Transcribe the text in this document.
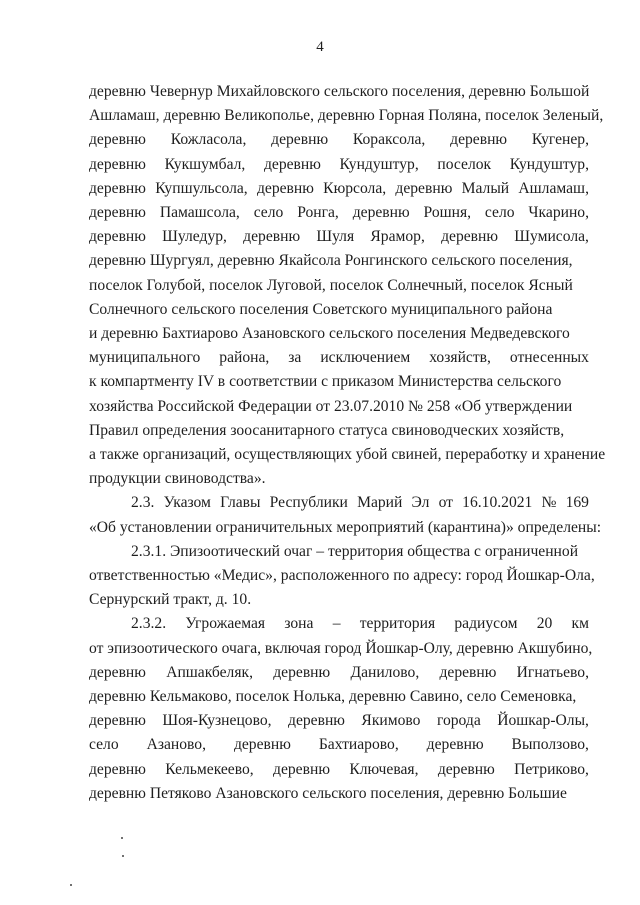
4
деревню Чевернур Михайловского сельского поселения, деревню Большой
Ашламаш, деревню Великополье, деревню Горная Поляна, поселок Зеленый,
деревню Кожласола, деревню Кораксола, деревню Кугенер,
деревню Кукшумбал, деревню Кундуштур, поселок Кундуштур,
деревню Купшульсола, деревню Кюрсола, деревню Малый Ашламаш,
деревню Памашсола, село Ронга, деревню Рошня, село Чкарино,
деревню Шуледур, деревню Шуля Ярамор, деревню Шумисола,
деревню Шургуял, деревню Якайсола Ронгинского сельского поселения,
поселок Голубой, поселок Луговой, поселок Солнечный, поселок Ясный
Солнечного сельского поселения Советского муниципального района
и деревню Бахтиарово Азановского сельского поселения Медведевского
муниципального района, за исключением хозяйств, отнесенных
к компартменту IV в соответствии с приказом Министерства сельского
хозяйства Российской Федерации от 23.07.2010 № 258 «Об утверждении
Правил определения зоосанитарного статуса свиноводческих хозяйств,
а также организаций, осуществляющих убой свиней, переработку и хранение
продукции свиноводства».
2.3. Указом Главы Республики Марий Эл от 16.10.2021 № 169
«Об установлении ограничительных мероприятий (карантина)» определены:
2.3.1. Эпизоотический очаг – территория общества с ограниченной
ответственностью «Медис», расположенного по адресу: город Йошкар-Ола,
Сернурский тракт, д. 10.
2.3.2. Угрожаемая зона – территория радиусом 20 км
от эпизоотического очага, включая город Йошкар-Олу, деревню Акшубино,
деревню Апшакбеляк, деревню Данилово, деревню Игнатьево,
деревню Кельмаково, поселок Нолька, деревню Савино, село Семеновка,
деревню Шоя-Кузнецово, деревню Якимово города Йошкар-Олы,
село Азаново, деревню Бахтиарово, деревню Выползово,
деревню Кельмекеево, деревню Ключевая, деревню Петриково,
деревню Петяково Азановского сельского поселения, деревню Большие
